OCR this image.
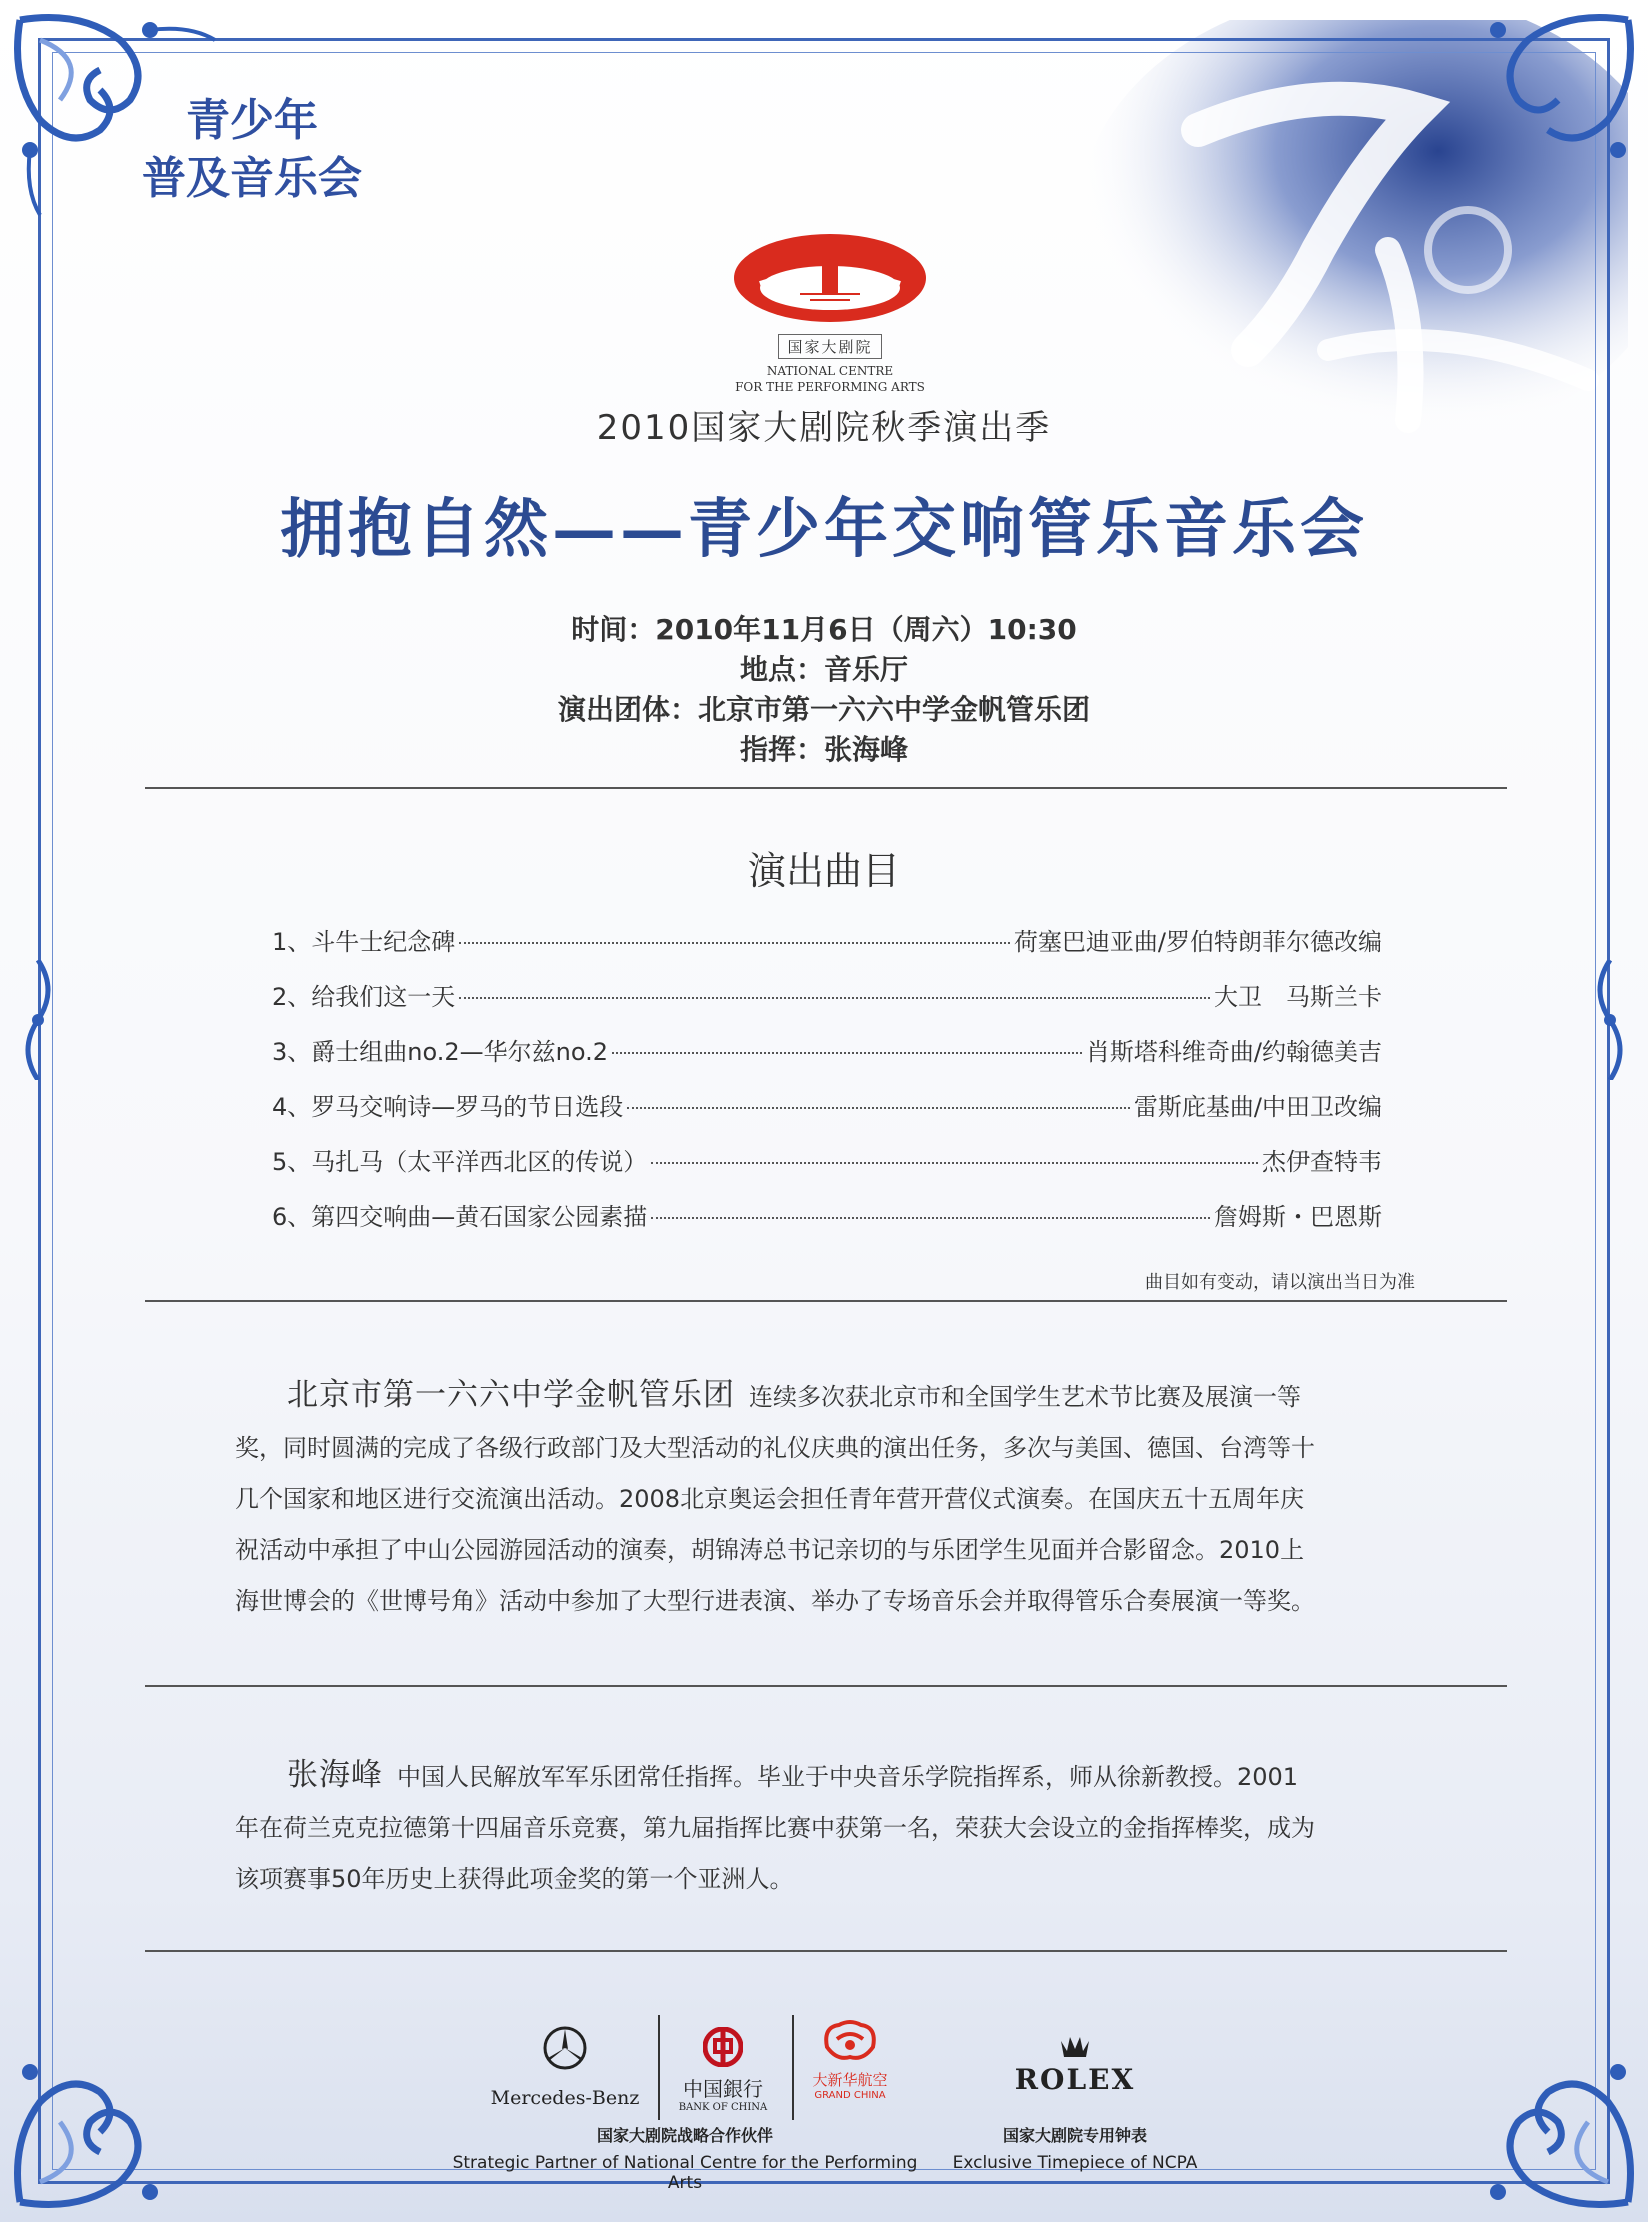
青少年
普及音乐会
国家大剧院
NATIONAL CENTRE
FOR THE PERFORMING ARTS
2010国家大剧院秋季演出季
拥抱自然——青少年交响管乐音乐会
时间：2010年11月6日（周六）10:30
地点：音乐厅
演出团体：北京市第一六六中学金帆管乐团
指挥：张海峰
演出曲目
1、斗牛士纪念碑	荷塞巴迪亚曲/罗伯特朗菲尔德改编
2、给我们这一天	大卫　马斯兰卡
3、爵士组曲no.2—华尔兹no.2	肖斯塔科维奇曲/约翰德美吉
4、罗马交响诗—罗马的节日选段	雷斯庇基曲/中田卫改编
5、马扎马（太平洋西北区的传说）	杰伊查特韦
6、第四交响曲—黄石国家公园素描	詹姆斯・巴恩斯
曲目如有变动，请以演出当日为准
北京市第一六六中学金帆管乐团 连续多次获北京市和全国学生艺术节比赛及展演一等
奖，同时圆满的完成了各级行政部门及大型活动的礼仪庆典的演出任务，多次与美国、德国、台湾等十
几个国家和地区进行交流演出活动。2008北京奥运会担任青年营开营仪式演奏。在国庆五十五周年庆
祝活动中承担了中山公园游园活动的演奏，胡锦涛总书记亲切的与乐团学生见面并合影留念。2010上
海世博会的《世博号角》活动中参加了大型行进表演、举办了专场音乐会并取得管乐合奏展演一等奖。
张海峰 中国人民解放军军乐团常任指挥。毕业于中央音乐学院指挥系，师从徐新教授。2001
年在荷兰克克拉德第十四届音乐竞赛，第九届指挥比赛中获第一名，荣获大会设立的金指挥棒奖，成为
该项赛事50年历史上获得此项金奖的第一个亚洲人。
Mercedes-Benz	中国銀行
BANK OF CHINA
大新华航空
GRAND CHINA	ROLEX
国家大剧院战略合作伙伴
Strategic Partner of National Centre for the Performing Arts
国家大剧院专用钟表
Exclusive Timepiece of NCPA
